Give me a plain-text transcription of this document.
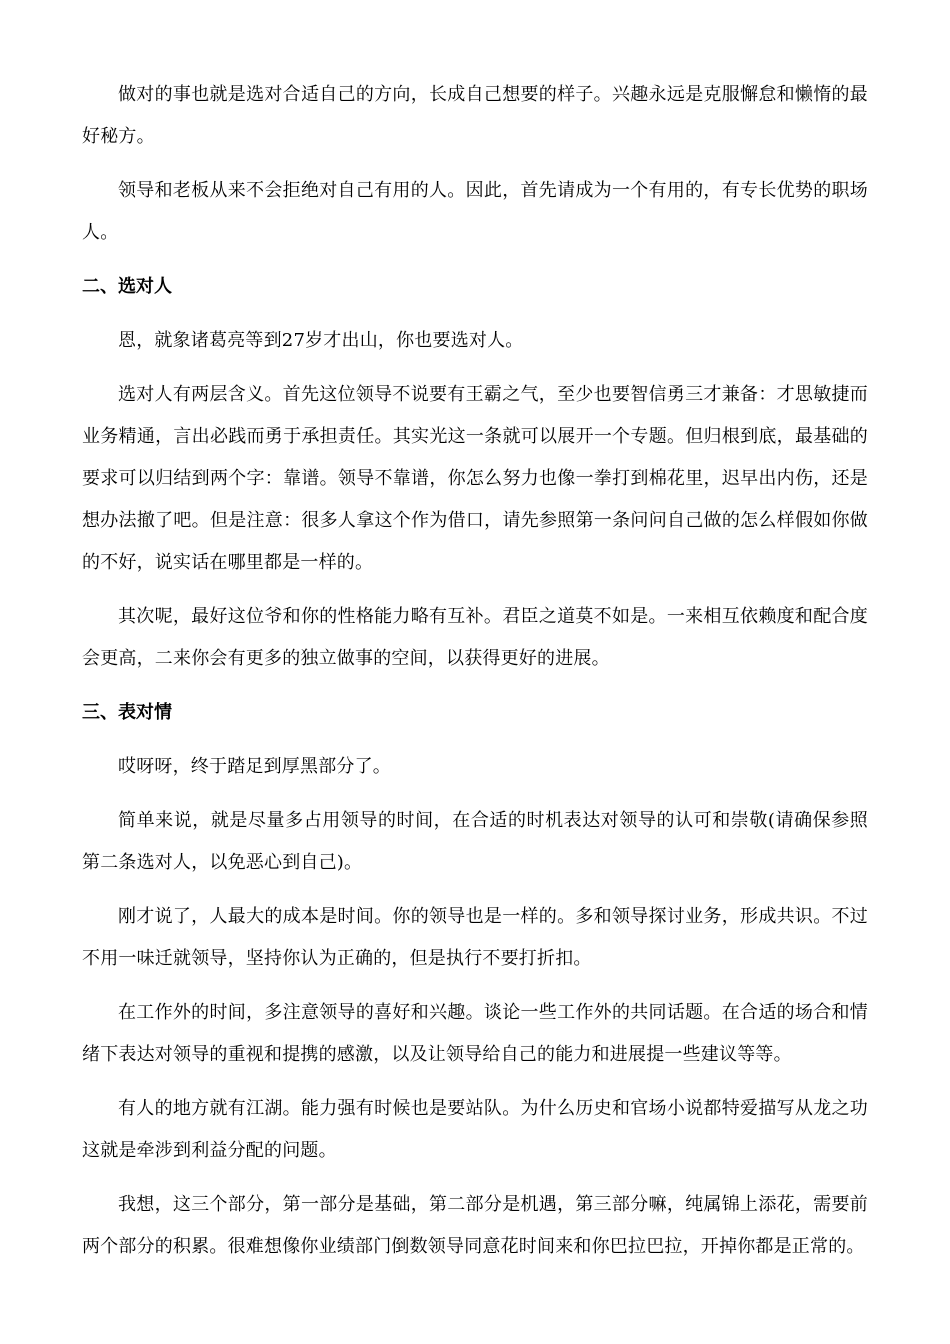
做对的事也就是选对合适自己的方向，长成自己想要的样子。兴趣永远是克服懈怠和懒惰的最好秘方。

领导和老板从来不会拒绝对自己有用的人。因此，首先请成为一个有用的，有专长优势的职场人。

二、选对人

恩，就象诸葛亮等到27岁才出山，你也要选对人。

选对人有两层含义。首先这位领导不说要有王霸之气，至少也要智信勇三才兼备：才思敏捷而业务精通，言出必践而勇于承担责任。其实光这一条就可以展开一个专题。但归根到底，最基础的要求可以归结到两个字：靠谱。领导不靠谱，你怎么努力也像一拳打到棉花里，迟早出内伤，还是想办法撤了吧。但是注意：很多人拿这个作为借口，请先参照第一条问问自己做的怎么样假如你做的不好，说实话在哪里都是一样的。

其次呢，最好这位爷和你的性格能力略有互补。君臣之道莫不如是。一来相互依赖度和配合度会更高，二来你会有更多的独立做事的空间，以获得更好的进展。

三、表对情

哎呀呀，终于踏足到厚黑部分了。

简单来说，就是尽量多占用领导的时间，在合适的时机表达对领导的认可和崇敬(请确保参照第二条选对人，以免恶心到自己)。

刚才说了，人最大的成本是时间。你的领导也是一样的。多和领导探讨业务，形成共识。不过不用一味迁就领导，坚持你认为正确的，但是执行不要打折扣。

在工作外的时间，多注意领导的喜好和兴趣。谈论一些工作外的共同话题。在合适的场合和情绪下表达对领导的重视和提携的感激，以及让领导给自己的能力和进展提一些建议等等。

有人的地方就有江湖。能力强有时候也是要站队。为什么历史和官场小说都特爱描写从龙之功这就是牵涉到利益分配的问题。

我想，这三个部分，第一部分是基础，第二部分是机遇，第三部分嘛，纯属锦上添花，需要前两个部分的积累。很难想像你业绩部门倒数领导同意花时间来和你巴拉巴拉，开掉你都是正常的。
